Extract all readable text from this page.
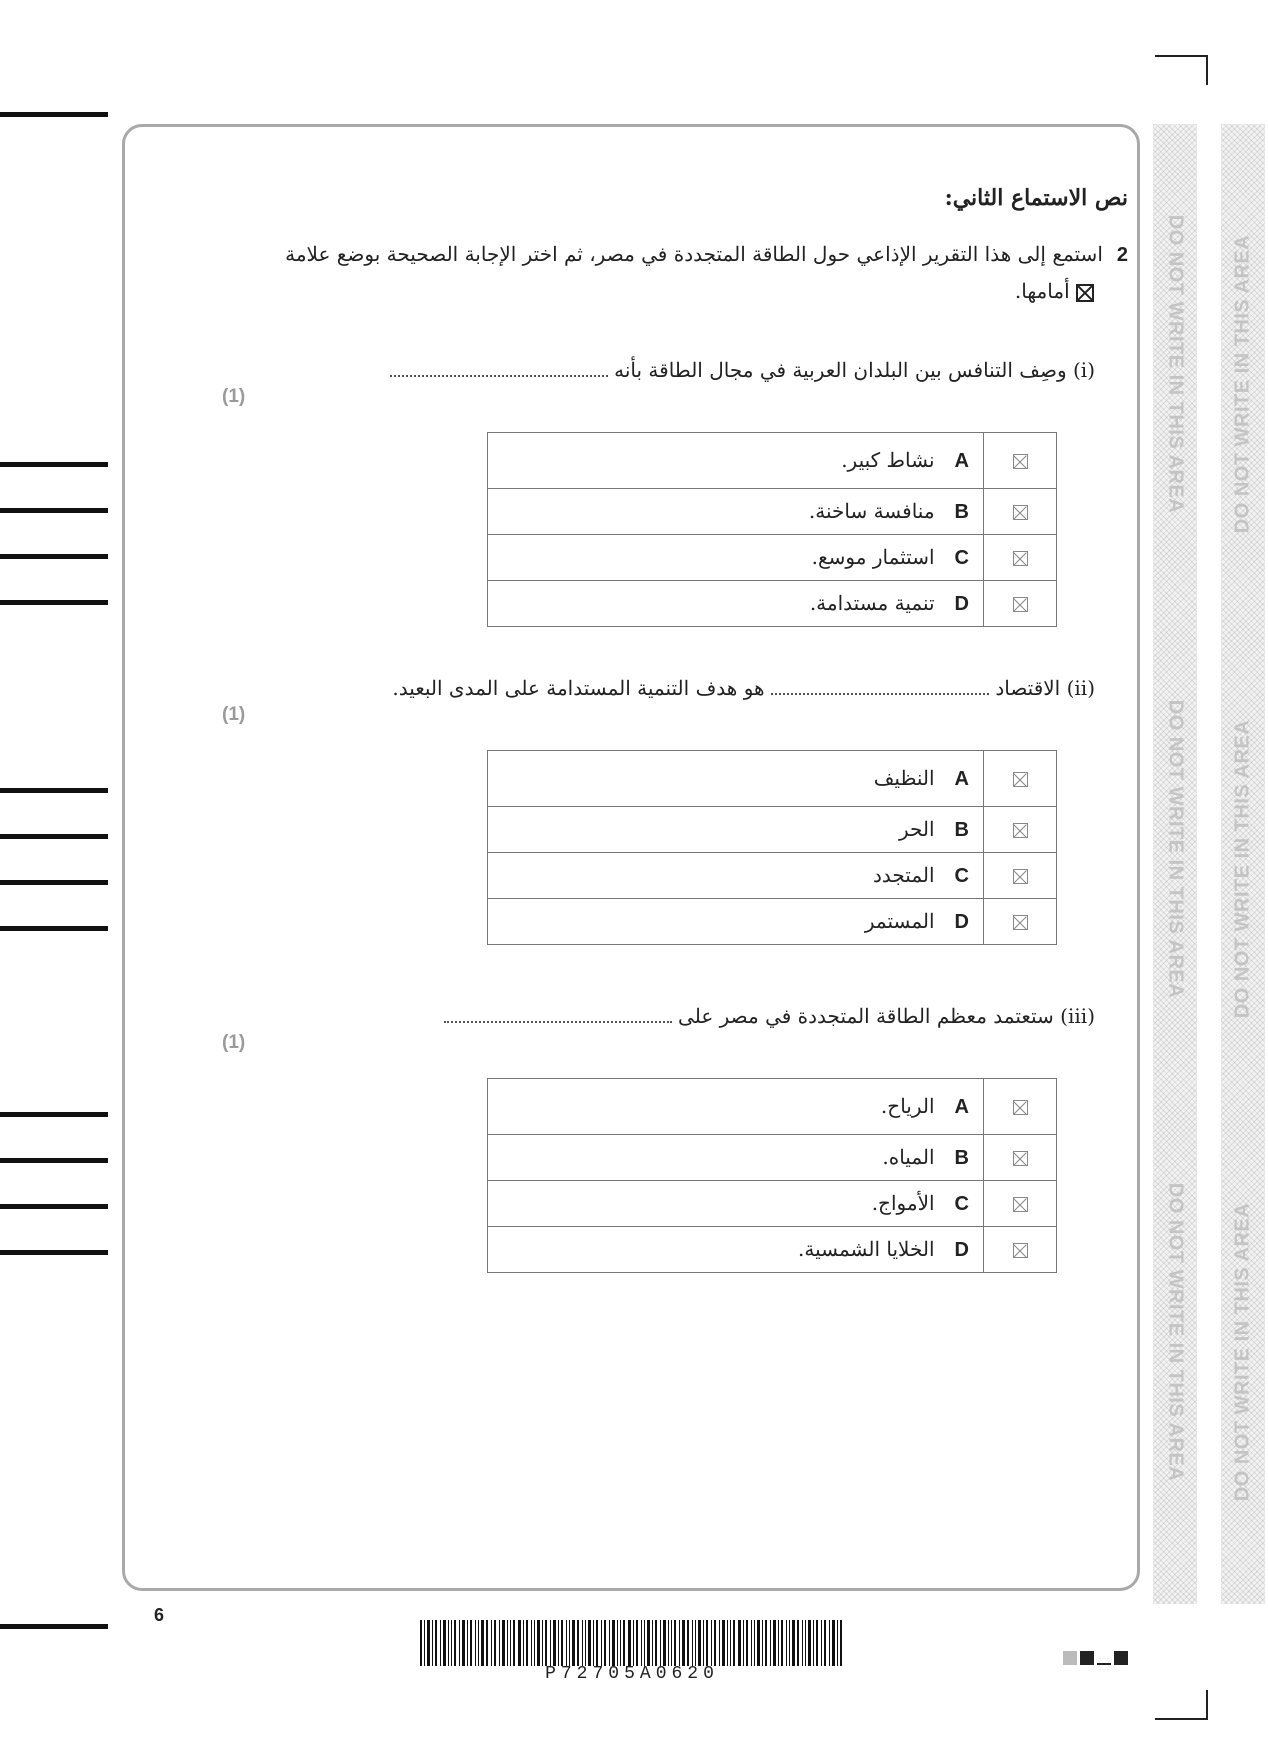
DO NOT WRITE IN THIS AREA
DO NOT WRITE IN THIS AREA
DO NOT WRITE IN THIS AREA
DO NOT WRITE IN THIS AREA
DO NOT WRITE IN THIS AREA
DO NOT WRITE IN THIS AREA
نص الاستماع الثاني:
2استمع إلى هذا التقرير الإذاعي حول الطاقة المتجددة في مصر، ثم اختر الإجابة الصحيحة بوضع علامة
أمامها.
(i) وصِف التنافس بين البلدان العربية في مجال الطاقة بأنه
(1)
	Aنشاط كبير.
	Bمنافسة ساخنة.
	Cاستثمار موسع.
	Dتنمية مستدامة.
(ii) الاقتصاد  هو هدف التنمية المستدامة على المدى البعيد.
(1)
	Aالنظيف
	Bالحر
	Cالمتجدد
	Dالمستمر
(iii) ستعتمد معظم الطاقة المتجددة في مصر على
(1)
	Aالرياح.
	Bالمياه.
	Cالأمواج.
	Dالخلايا الشمسية.
6
P72705A0620
